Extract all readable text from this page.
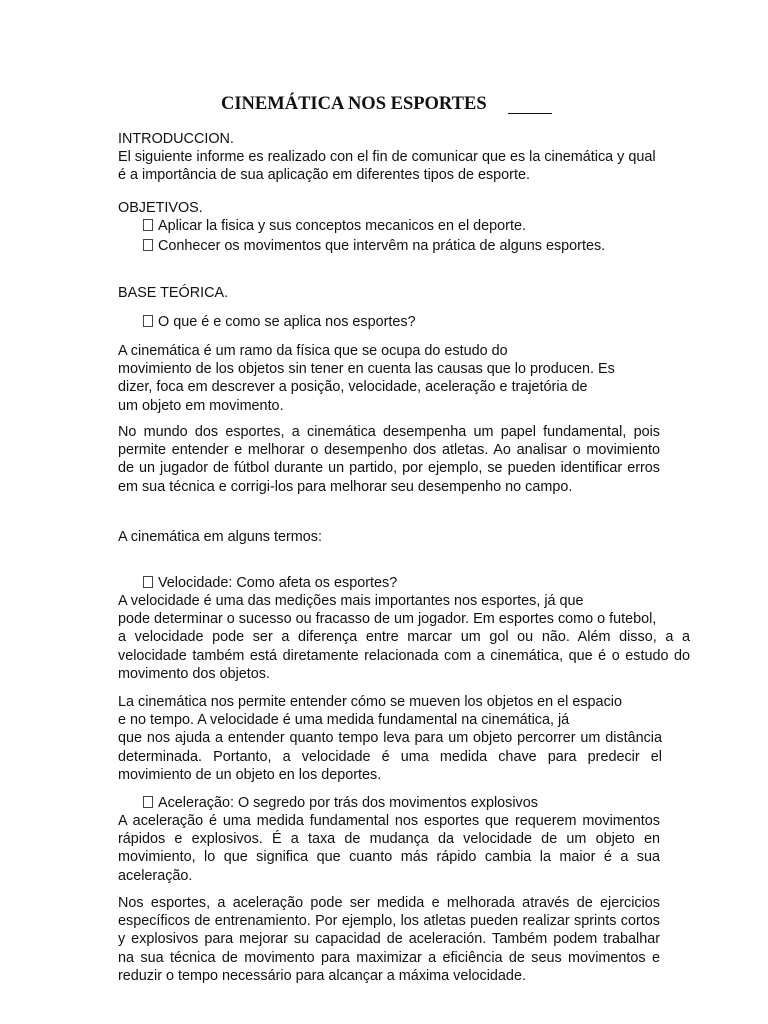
CINEMÁTICA NOS ESPORTES
INTRODUCCION.

El siguiente informe es realizado con el fin de comunicar que es la cinemática y qual é a importância de sua aplicação em diferentes tipos de esporte.

OBJETIVOS.
Aplicar la fisica y sus conceptos mecanicos en el deporte.
Conhecer os movimentos que intervêm na prática de alguns esportes.
BASE TEÓRICA.
O que é e como se aplica nos esportes?
A cinemática é um ramo da física que se ocupa do estudo do
movimiento de los objetos sin tener en cuenta las causas que lo producen. Es
dizer, foca em descrever a posição, velocidade, aceleração e trajetória de
um objeto em movimento.

No mundo dos esportes, a cinemática desempenha um papel fundamental, pois permite entender e melhorar o desempenho dos atletas. Ao analisar o movimiento de un jugador de fútbol durante un partido, por ejemplo, se pueden identificar erros em sua técnica e corrigi-los para melhorar seu desempenho no campo.

A cinemática em alguns termos:
Velocidade: Como afeta os esportes?
A velocidade é uma das medições mais importantes nos esportes, já que
pode determinar o sucesso ou fracasso de um jogador. Em esportes como o futebol,
a velocidade pode ser a diferença entre marcar um gol ou não. Além disso, a a velocidade também está diretamente relacionada com a cinemática, que é o estudo do movimento dos objetos.
La cinemática nos permite entender cómo se mueven los objetos en el espacio
e no tempo. A velocidade é uma medida fundamental na cinemática, já
que nos ajuda a entender quanto tempo leva para um objeto percorrer um distância determinada. Portanto, a velocidade é uma medida chave para predecir el movimiento de un objeto en los deportes.
Aceleração: O segredo por trás dos movimentos explosivos

A aceleração é uma medida fundamental nos esportes que requerem movimentos rápidos e explosivos. É a taxa de mudança da velocidade de um objeto en movimiento, lo que significa que cuanto más rápido cambia la maior é a sua aceleração.

Nos esportes, a aceleração pode ser medida e melhorada através de ejercicios específicos de entrenamiento. Por ejemplo, los atletas pueden realizar sprints cortos y explosivos para mejorar su capacidad de aceleración. Também podem trabalhar na sua técnica de movimento para maximizar a eficiência de seus movimentos e reduzir o tempo necessário para alcançar a máxima velocidade.
